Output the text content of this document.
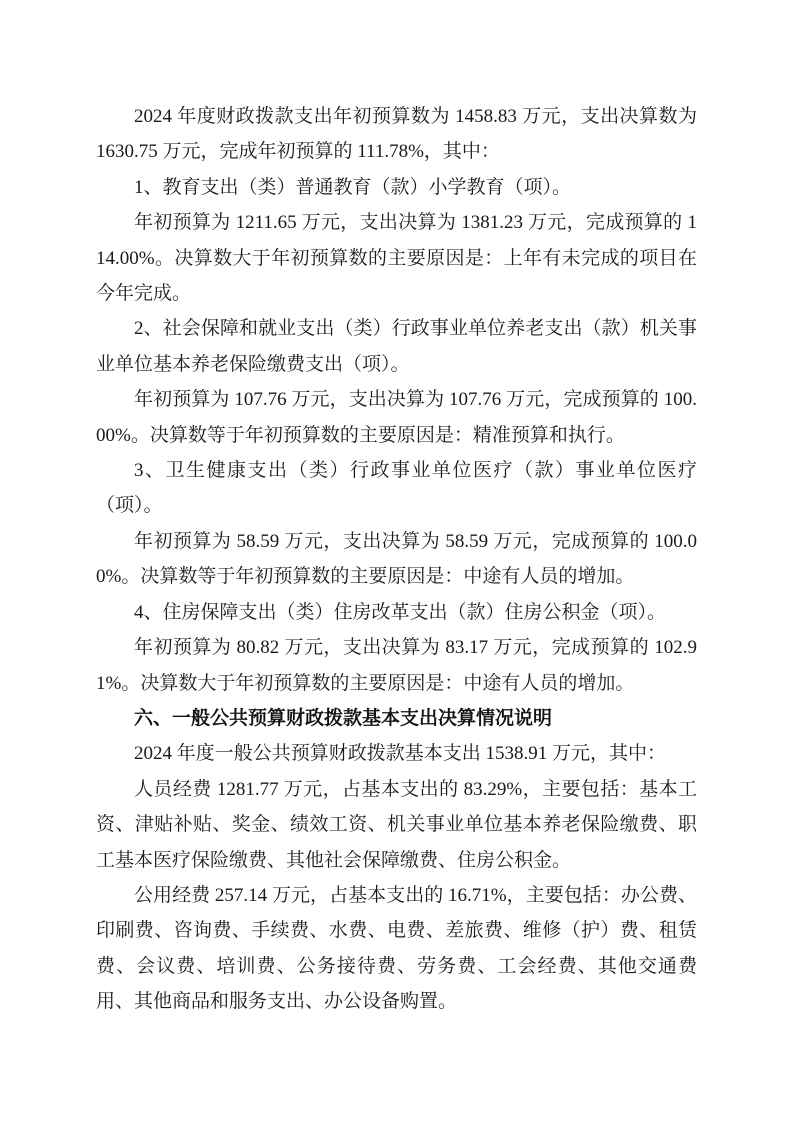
2024 年度财政拨款支出年初预算数为 1458.83 万元，支出决算数为 1630.75 万元，完成年初预算的 111.78%，其中：

1、教育支出（类）普通教育（款）小学教育（项）。

年初预算为 1211.65 万元，支出决算为 1381.23 万元，完成预算的 114.00%。决算数大于年初预算数的主要原因是：上年有未完成的项目在今年完成。

2、社会保障和就业支出（类）行政事业单位养老支出（款）机关事业单位基本养老保险缴费支出（项）。

年初预算为 107.76 万元，支出决算为 107.76 万元，完成预算的 100.00%。决算数等于年初预算数的主要原因是：精准预算和执行。

3、卫生健康支出（类）行政事业单位医疗（款）事业单位医疗（项）。

年初预算为 58.59 万元，支出决算为 58.59 万元，完成预算的 100.00%。决算数等于年初预算数的主要原因是：中途有人员的增加。

4、住房保障支出（类）住房改革支出（款）住房公积金（项）。

年初预算为 80.82 万元，支出决算为 83.17 万元，完成预算的 102.91%。决算数大于年初预算数的主要原因是：中途有人员的增加。

六、一般公共预算财政拨款基本支出决算情况说明

2024 年度一般公共预算财政拨款基本支出 1538.91 万元，其中：

人员经费 1281.77 万元，占基本支出的 83.29%，主要包括：基本工资、津贴补贴、奖金、绩效工资、机关事业单位基本养老保险缴费、职工基本医疗保险缴费、其他社会保障缴费、住房公积金。

公用经费 257.14 万元，占基本支出的 16.71%，主要包括：办公费、印刷费、咨询费、手续费、水费、电费、差旅费、维修（护）费、租赁费、会议费、培训费、公务接待费、劳务费、工会经费、其他交通费用、其他商品和服务支出、办公设备购置。
